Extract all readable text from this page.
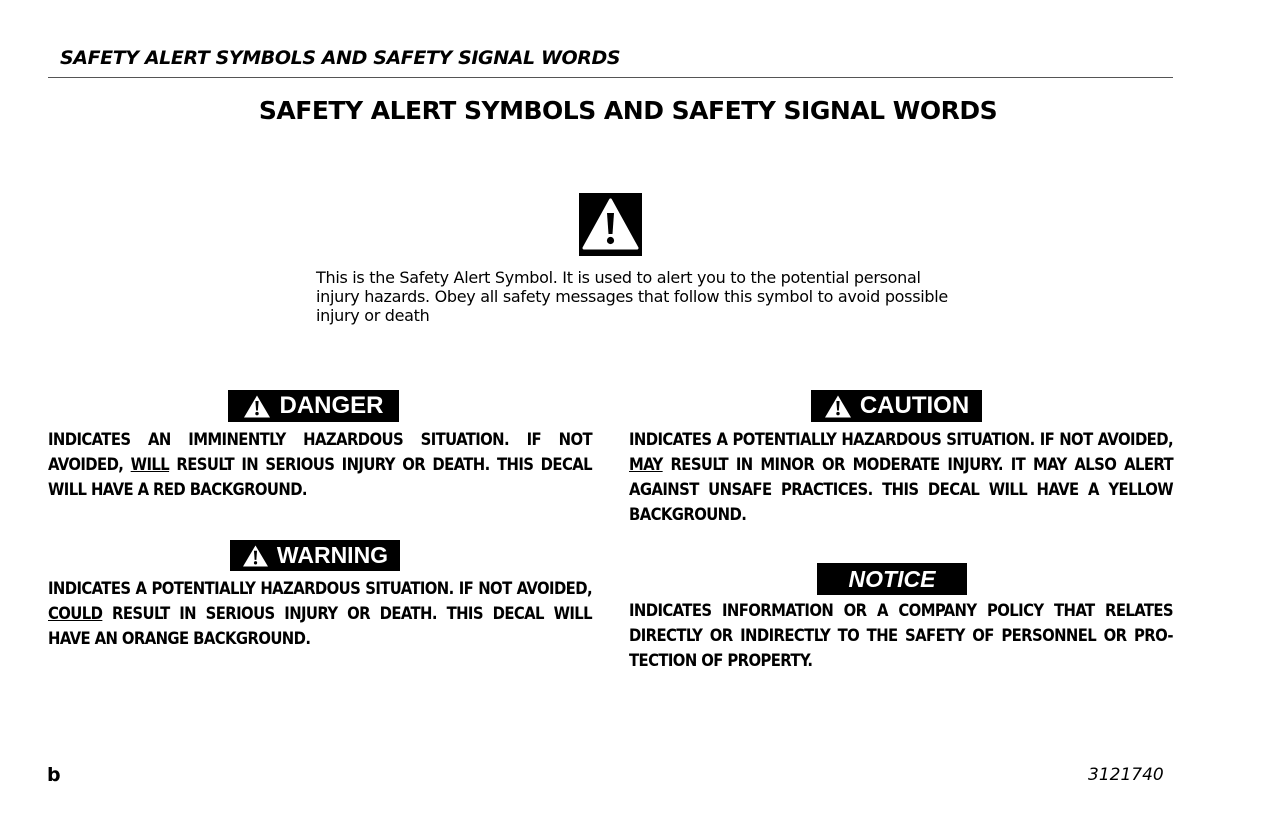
SAFETY ALERT SYMBOLS AND SAFETY SIGNAL WORDS
SAFETY ALERT SYMBOLS AND SAFETY SIGNAL WORDS
This is the Safety Alert Symbol. It is used to alert you to the potential personal
injury hazards. Obey all safety messages that follow this symbol to avoid possible
injury or death
DANGER
INDICATES AN IMMINENTLY HAZARDOUS SITUATION. IF NOT AVOIDED, WILL RESULT IN SERIOUS INJURY OR DEATH. THIS DECAL WILL HAVE A RED BACKGROUND.
WARNING
INDICATES A POTENTIALLY HAZARDOUS SITUATION. IF NOT AVOIDED, COULD RESULT IN SERIOUS INJURY OR DEATH. THIS DECAL WILL HAVE AN ORANGE BACKGROUND.
CAUTION
INDICATES A POTENTIALLY HAZARDOUS SITUATION. IF NOT AVOIDED, MAY RESULT IN MINOR OR MODERATE INJURY. IT MAY ALSO ALERT AGAINST UNSAFE PRACTICES. THIS DECAL WILL HAVE A YELLOW BACKGROUND.
NOTICE
INDICATES INFORMATION OR A COMPANY POLICY THAT RELATES DIRECTLY OR INDIRECTLY TO THE SAFETY OF PERSONNEL OR PRO-TECTION OF PROPERTY.
b	3121740
